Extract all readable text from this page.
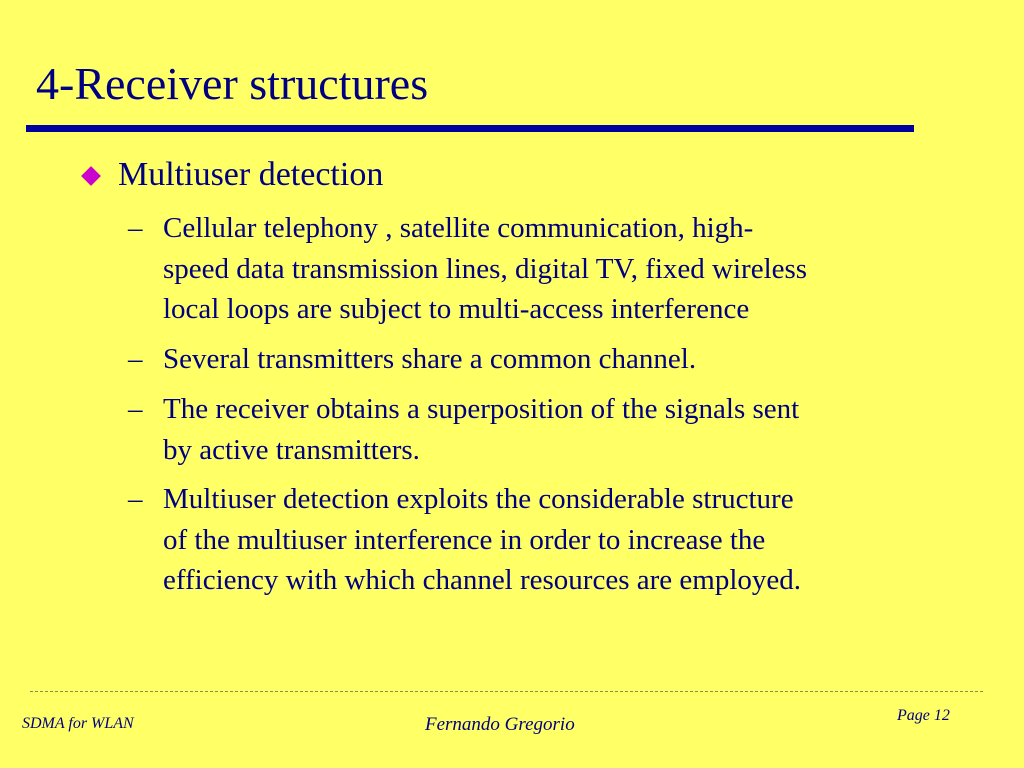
4-Receiver structures
Multiuser detection
– Cellular telephony , satellite communication, high-
speed data transmission lines, digital TV, fixed wireless
local loops are subject to multi-access interference
– Several transmitters share a common channel.
– The receiver obtains a superposition of the signals sent
by active transmitters.
– Multiuser detection exploits the considerable structure
of the multiuser interference in order to increase the
efficiency with which channel resources are employed.
SDMA for WLAN	Fernando Gregorio	Page 12
